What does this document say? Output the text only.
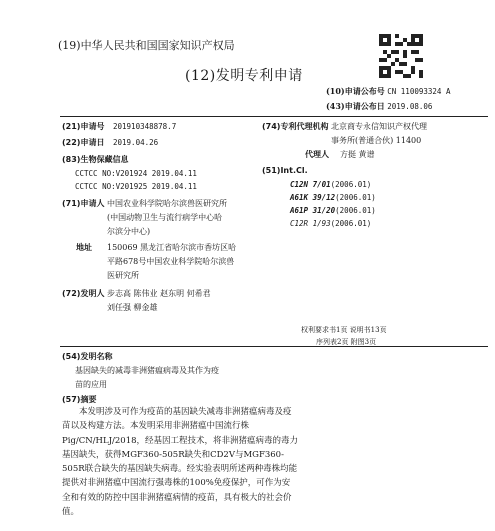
(19)中华人民共和国国家知识产权局
(12)发明专利申请
(10)申请公布号 CN 110093324 A
(43)申请公布日 2019.08.06
(21)申请号 201910348878.7
(22)申请日 2019.04.26
(83)生物保藏信息
CCTCC NO:V201924 2019.04.11
CCTCC NO:V201925 2019.04.11
(71)申请人 中国农业科学院哈尔滨兽医研究所
(中国动物卫生与流行病学中心哈
尔滨分中心)
地址 150069 黑龙江省哈尔滨市香坊区哈
平路678号中国农业科学院哈尔滨兽
医研究所
(72)发明人 步志高 陈伟业 赵东明 何希君
刘任强 柳金雄
(74)专利代理机构 北京商专永信知识产权代理
事务所(普通合伙) 11400
代理人 方挺 黄谱
(51)Int.Cl.
C12N 7/01(2006.01)
A61K 39/12(2006.01)
A61P 31/20(2006.01)
C12R 1/93(2006.01)
权利要求书1页 说明书13页
序列表2页 附图3页
(54)发明名称
基因缺失的减毒非洲猪瘟病毒及其作为疫
苗的应用
(57)摘要
本发明涉及可作为疫苗的基因缺失减毒非洲猪瘟病毒及疫苗以及构建方法。本发明采用非洲猪瘟中国流行株Pig/CN/HLJ/2018，经基因工程技术，将非洲猪瘟病毒的毒力基因缺失，获得MGF360-505R缺失和CD2V与MGF360-505R联合缺失的基因缺失病毒。经实验表明所述两种毒株均能提供对非洲猪瘟中国流行强毒株的100%免疫保护，可作为安全和有效的防控中国非洲猪瘟病情的疫苗，具有极大的社会价值。
